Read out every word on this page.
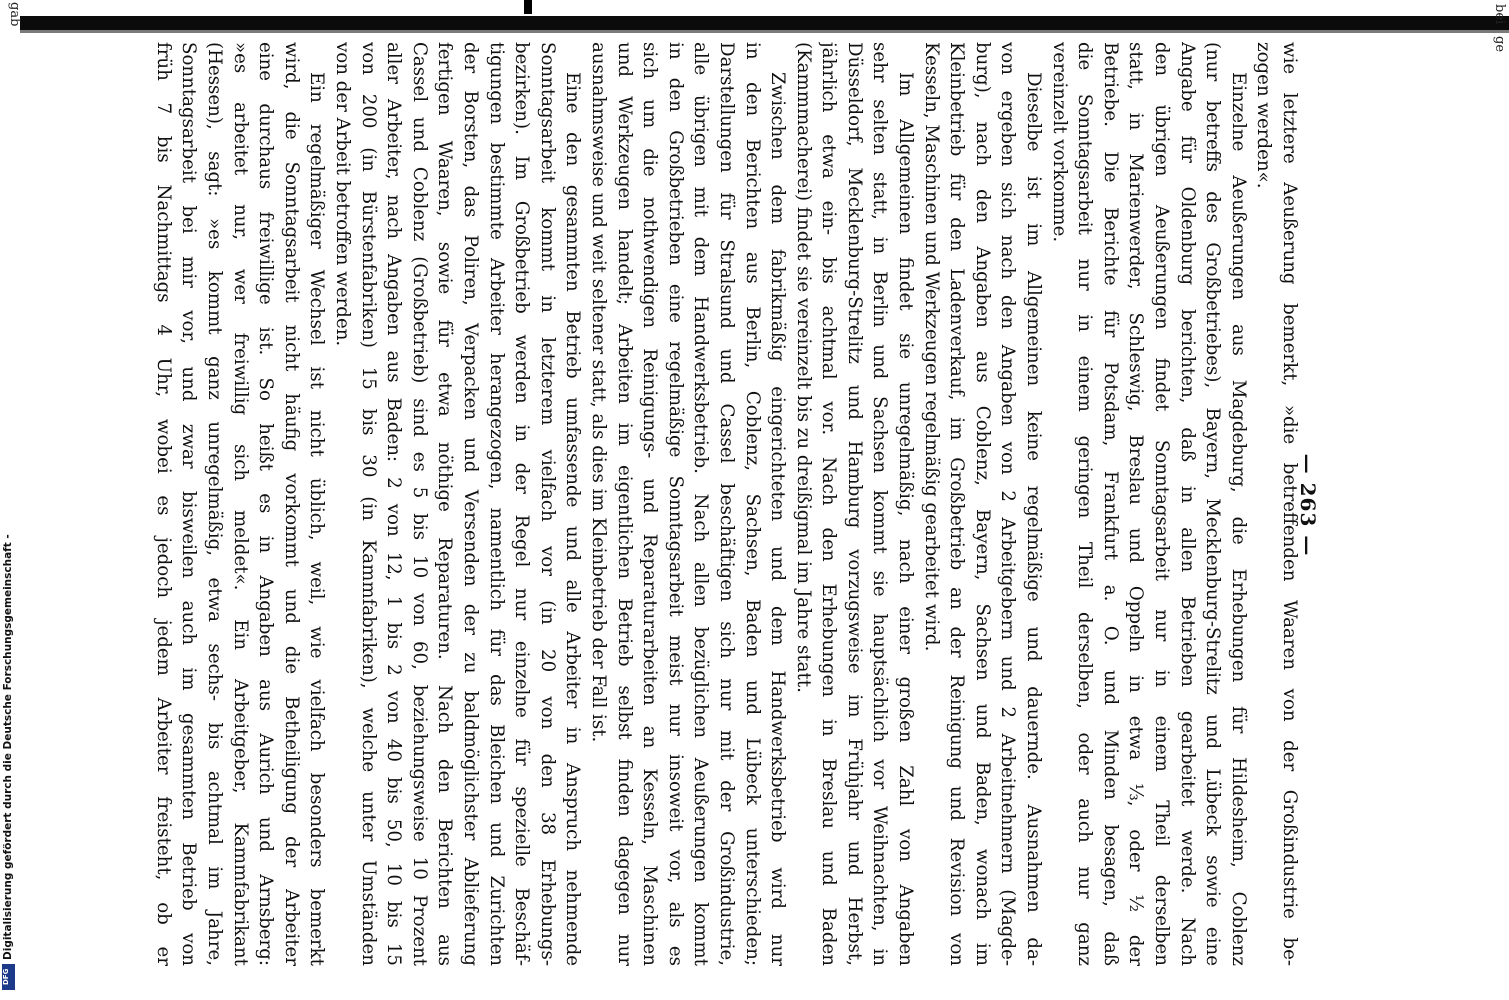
gab	bei
ge
— 263 —
wie letztere Aeußerung bemerkt, »die betreffenden Waaren von der Großindustrie be-
zogen werden«.
Einzelne Aeußerungen aus Magdeburg, die Erhebungen für Hildesheim, Coblenz
(nur betreffs des Großbetriebes), Bayern, Mecklenburg-Strelitz und Lübeck sowie eine
Angabe für Oldenburg berichten, daß in allen Betrieben gearbeitet werde. Nach
den übrigen Aeußerungen findet Sonntagsarbeit nur in einem Theil derselben
statt, in Marienwerder, Schleswig, Breslau und Oppeln in etwa ⅓, oder ½ der
Betriebe. Die Berichte für Potsdam, Frankfurt a. O. und Minden besagen, daß
die Sonntagsarbeit nur in einem geringen Theil derselben, oder auch nur ganz
vereinzelt vorkomme.
Dieselbe ist im Allgemeinen keine regelmäßige und dauernde. Ausnahmen da-
von ergeben sich nach den Angaben von 2 Arbeitgebern und 2 Arbeitnehmern (Magde-
burg), nach den Angaben aus Coblenz, Bayern, Sachsen und Baden, wonach im
Kleinbetrieb für den Ladenverkauf, im Großbetrieb an der Reinigung und Revision von
Kesseln, Maschinen und Werkzeugen regelmäßig gearbeitet wird.
Im Allgemeinen findet sie unregelmäßig, nach einer großen Zahl von Angaben
sehr selten statt, in Berlin und Sachsen kommt sie hauptsächlich vor Weihnachten, in
Düsseldorf, Mecklenburg-Strelitz und Hamburg vorzugsweise im Frühjahr und Herbst,
jährlich etwa ein- bis achtmal vor. Nach den Erhebungen in Breslau und Baden
(Kammmacherei) findet sie vereinzelt bis zu dreißigmal im Jahre statt.
Zwischen dem fabrikmäßig eingerichteten und dem Handwerksbetrieb wird nur
in den Berichten aus Berlin, Coblenz, Sachsen, Baden und Lübeck unterschieden;
Darstellungen für Stralsund und Cassel beschäftigen sich nur mit der Großindustrie,
alle übrigen mit dem Handwerksbetrieb. Nach allen bezüglichen Aeußerungen kommt
in den Großbetrieben eine regelmäßige Sonntagsarbeit meist nur insoweit vor, als es
sich um die nothwendigen Reinigungs- und Reparaturarbeiten an Kesseln, Maschinen
und Werkzeugen handelt; Arbeiten im eigentlichen Betrieb selbst finden dagegen nur
ausnahmsweise und weit seltener statt, als dies im Kleinbetrieb der Fall ist.
Eine den gesammten Betrieb umfassende und alle Arbeiter in Anspruch nehmende
Sonntagsarbeit kommt in letzterem vielfach vor (in 20 von den 38 Erhebungs-
bezirken). Im Großbetrieb werden in der Regel nur einzelne für spezielle Beschäf-
tigungen bestimmte Arbeiter herangezogen, namentlich für das Bleichen und Zurichten
der Borsten, das Poliren, Verpacken und Versenden der zu baldmöglichster Ablieferung
fertigen Waaren, sowie für etwa nöthige Reparaturen. Nach den Berichten aus
Cassel und Coblenz (Großbetrieb) sind es 5 bis 10 von 60, beziehungsweise 10 Prozent
aller Arbeiter, nach Angaben aus Baden: 2 von 12, 1 bis 2 von 40 bis 50, 10 bis 15
von 200 (in Bürstenfabriken) 15 bis 30 (in Kammfabriken), welche unter Umständen
von der Arbeit betroffen werden.
Ein regelmäßiger Wechsel ist nicht üblich, weil, wie vielfach besonders bemerkt
wird, die Sonntagsarbeit nicht häufig vorkommt und die Betheiligung der Arbeiter
eine durchaus freiwillige ist. So heißt es in Angaben aus Aurich und Arnsberg:
»es arbeitet nur, wer freiwillig sich meldet«. Ein Arbeitgeber, Kammfabrikant
(Hessen), sagt: »es kommt ganz unregelmäßig, etwa sechs- bis achtmal im Jahre,
Sonntagsarbeit bei mir vor, und zwar bisweilen auch im gesammten Betrieb von
früh 7 bis Nachmittags 4 Uhr, wobei es jedoch jedem Arbeiter freisteht, ob er
Digitalisierung gefördert durch die Deutsche Forschungsgemeinschaft -
DFG
